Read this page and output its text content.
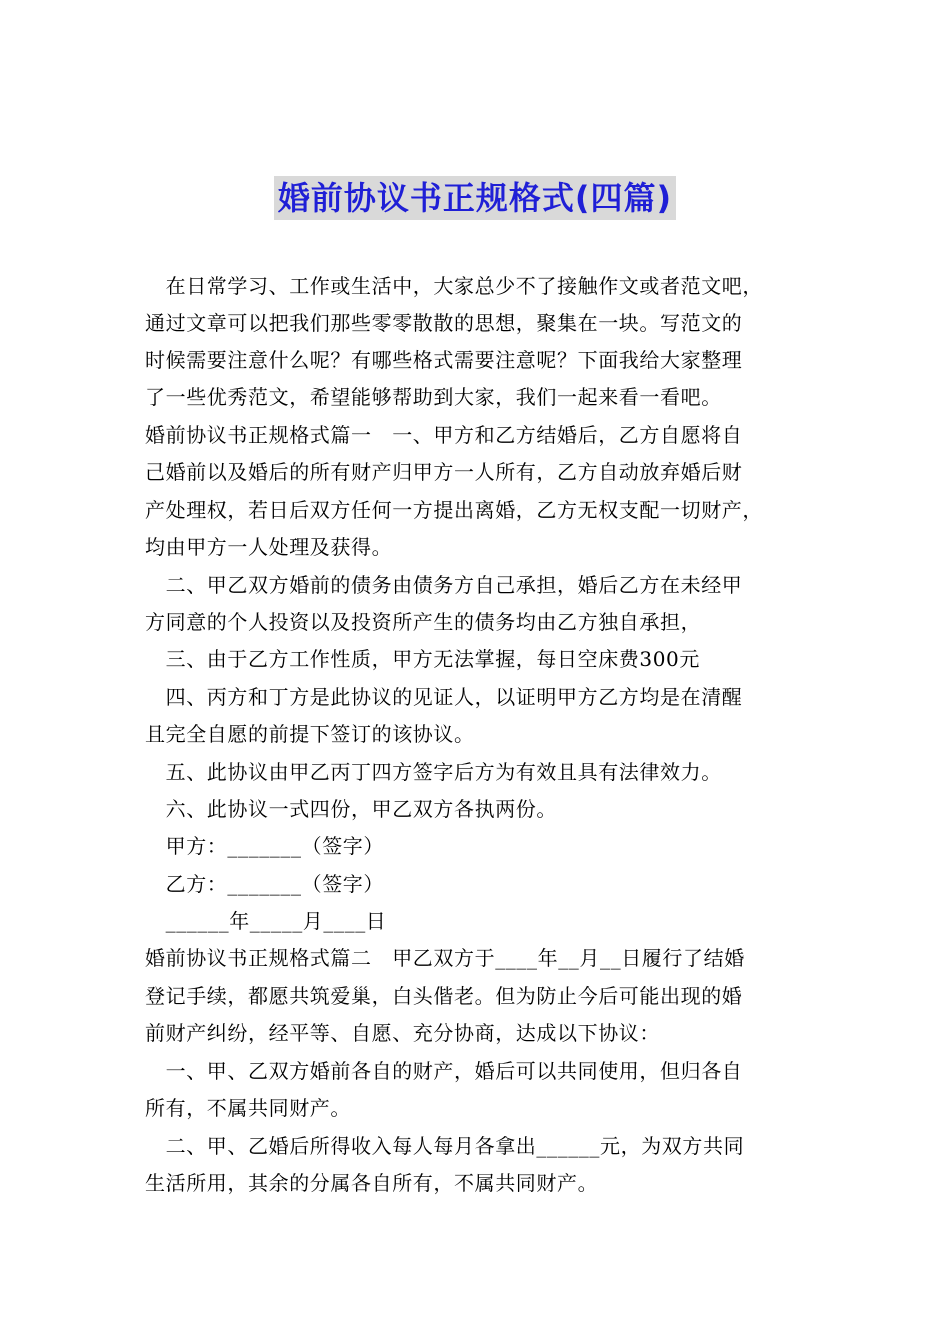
婚前协议书正规格式(四篇)
　在日常学习、工作或生活中，大家总少不了接触作文或者范文吧，
通过文章可以把我们那些零零散散的思想，聚集在一块。写范文的
时候需要注意什么呢？有哪些格式需要注意呢？下面我给大家整理
了一些优秀范文，希望能够帮助到大家，我们一起来看一看吧。
婚前协议书正规格式篇一　一、甲方和乙方结婚后，乙方自愿将自
己婚前以及婚后的所有财产归甲方一人所有，乙方自动放弃婚后财
产处理权，若日后双方任何一方提出离婚，乙方无权支配一切财产，
均由甲方一人处理及获得。
　二、甲乙双方婚前的债务由债务方自己承担，婚后乙方在未经甲
方同意的个人投资以及投资所产生的债务均由乙方独自承担，
　三、由于乙方工作性质，甲方无法掌握，每日空床费300元
　四、丙方和丁方是此协议的见证人，以证明甲方乙方均是在清醒
且完全自愿的前提下签订的该协议。
　五、此协议由甲乙丙丁四方签字后方为有效且具有法律效力。
　六、此协议一式四份，甲乙双方各执两份。
　甲方：_______（签字）
　乙方：_______（签字）
　______年_____月____日
婚前协议书正规格式篇二　甲乙双方于____年__月__日履行了结婚
登记手续，都愿共筑爱巢，白头偕老。但为防止今后可能出现的婚
前财产纠纷，经平等、自愿、充分协商，达成以下协议：
　一、甲、乙双方婚前各自的财产，婚后可以共同使用，但归各自
所有，不属共同财产。
　二、甲、乙婚后所得收入每人每月各拿出______元，为双方共同
生活所用，其余的分属各自所有，不属共同财产。
